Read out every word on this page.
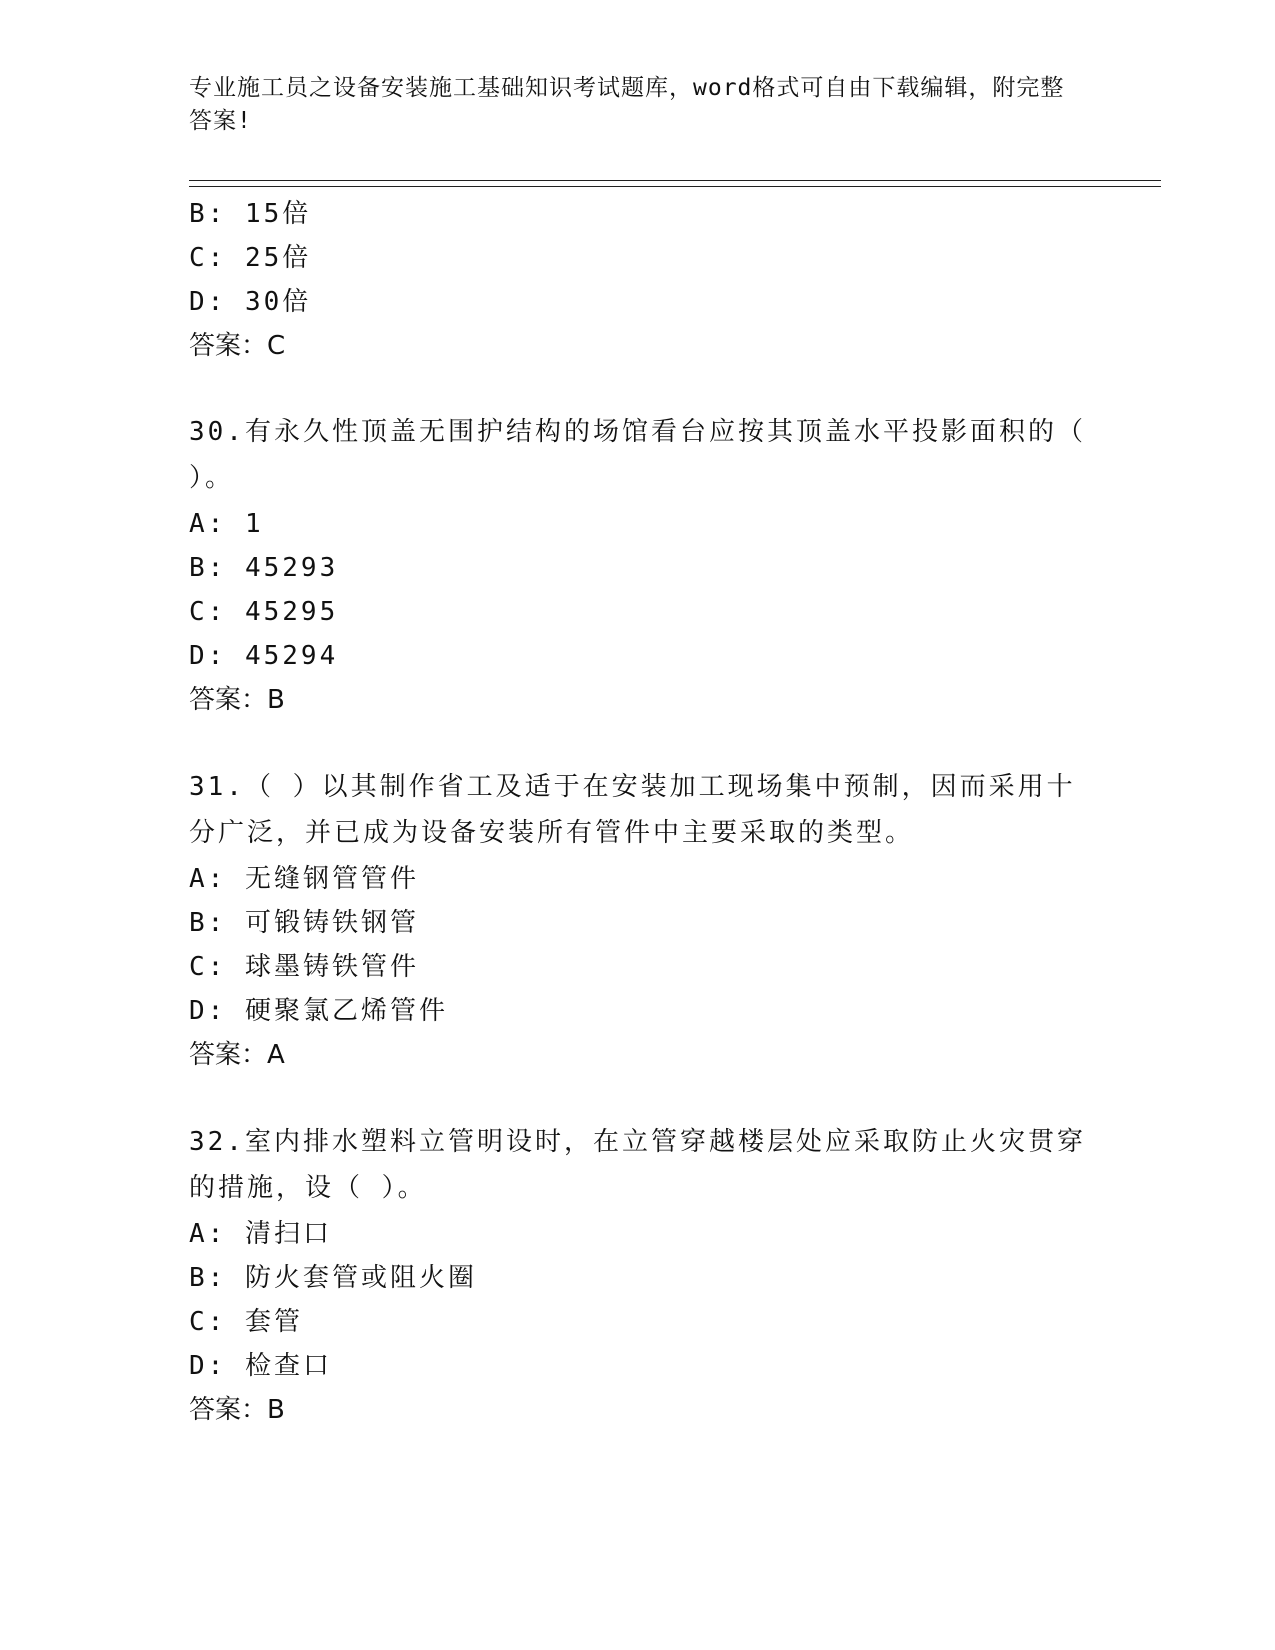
专业施工员之设备安装施工基础知识考试题库，word格式可自由下载编辑，附完整答案!
B: 15倍
C: 25倍
D: 30倍
答案：C
30.有永久性顶盖无围护结构的场馆看台应按其顶盖水平投影面积的（ ）。
A: 1
B: 45293
C: 45295
D: 45294
答案：B
31.（ ）以其制作省工及适于在安装加工现场集中预制，因而采用十分广泛，并已成为设备安装所有管件中主要采取的类型。
A: 无缝钢管管件
B: 可锻铸铁钢管
C: 球墨铸铁管件
D: 硬聚氯乙烯管件
答案：A
32.室内排水塑料立管明设时，在立管穿越楼层处应采取防止火灾贯穿的措施，设（ ）。
A: 清扫口
B: 防火套管或阻火圈
C: 套管
D: 检查口
答案：B
